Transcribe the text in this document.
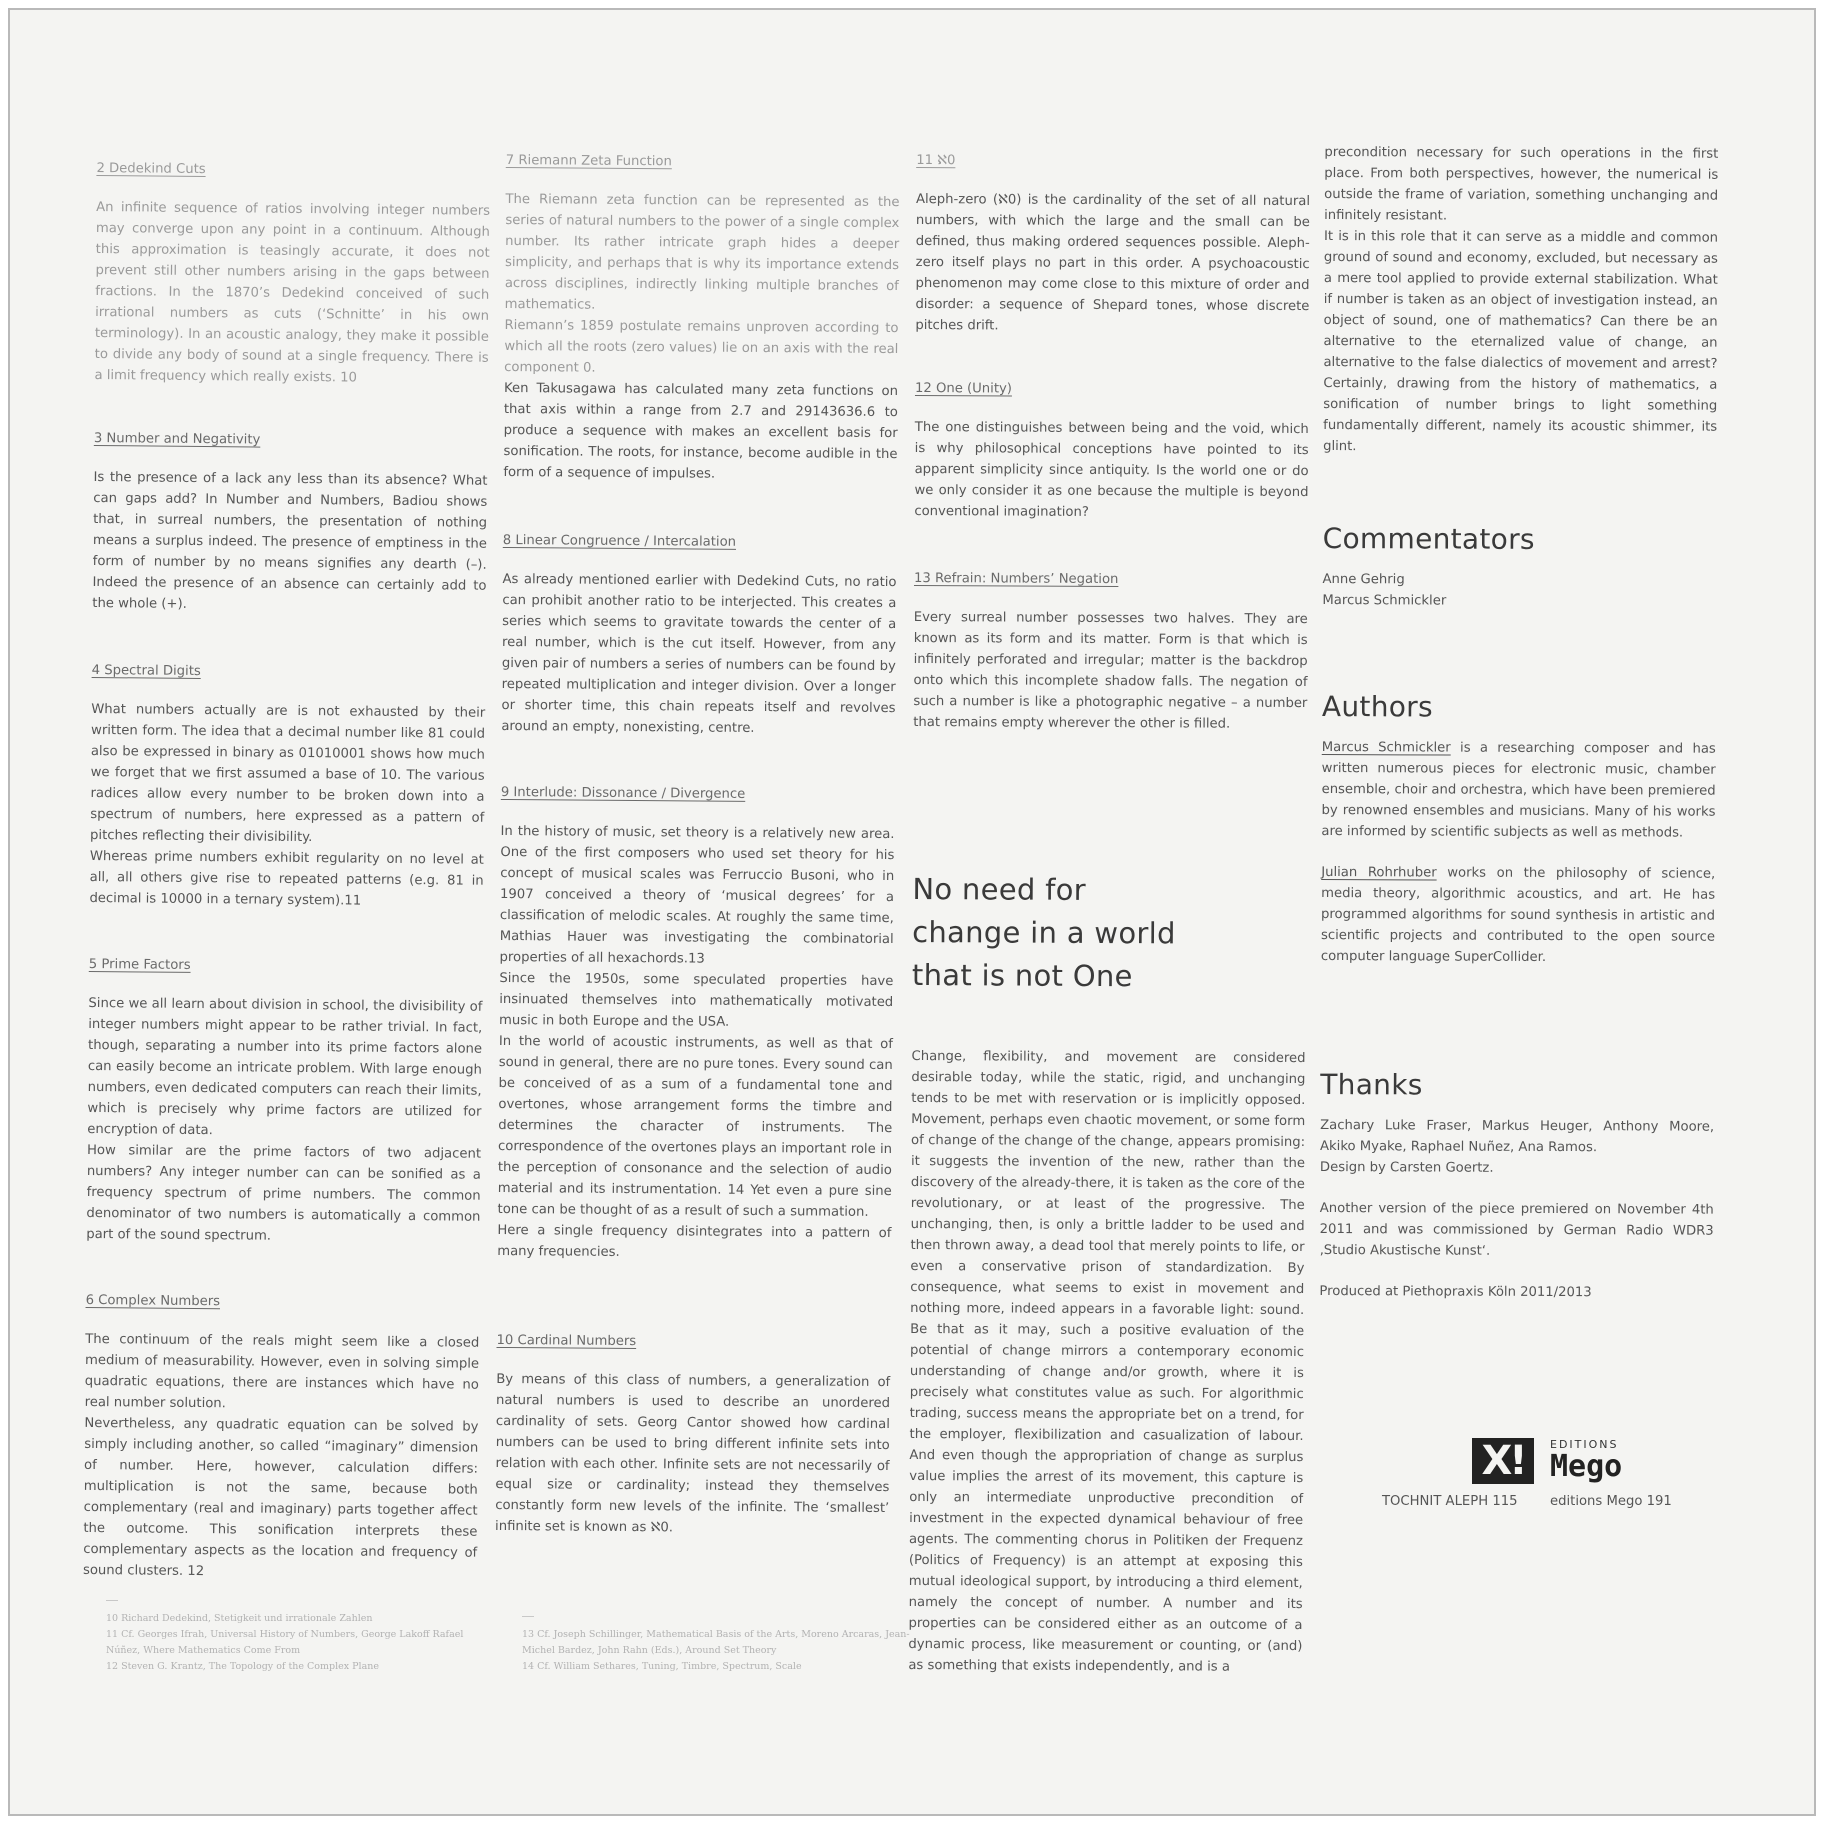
2 Dedekind Cuts

An infinite sequence of ratios involving integer numbers may converge upon any point in a continuum. Although this approximation is teasingly accurate, it does not prevent still other numbers arising in the gaps between fractions. In the 1870’s Dedekind conceived of such irrational numbers as cuts (‘Schnitte’ in his own terminology). In an acoustic analogy, they make it possible to divide any body of sound at a single frequency. There is a limit frequency which really exists. 10

3 Number and Negativity

Is the presence of a lack any less than its absence? What can gaps add? In Number and Numbers, Badiou shows that, in surreal numbers, the presentation of nothing means a surplus indeed. The presence of emptiness in the form of number by no means signifies any dearth (–). Indeed the presence of an absence can certainly add to the whole (+).

4 Spectral Digits

What numbers actually are is not exhausted by their written form. The idea that a decimal number like 81 could also be expressed in binary as 01010001 shows how much we forget that we first assumed a base of 10. The various radices allow every number to be broken down into a spectrum of numbers, here expressed as a pattern of pitches reflecting their divisibility.

Whereas prime numbers exhibit regularity on no level at all, all others give rise to repeated patterns (e.g. 81 in decimal is 10000 in a ternary system).11

5 Prime Factors

Since we all learn about division in school, the divisibility of integer numbers might appear to be rather trivial. In fact, though, separating a number into its prime factors alone can easily become an intricate problem. With large enough numbers, even dedicated computers can reach their limits, which is precisely why prime factors are utilized for encryption of data.

How similar are the prime factors of two adjacent numbers? Any integer number can can be sonified as a frequency spectrum of prime numbers. The common denominator of two numbers is automatically a common part of the sound spectrum.

6 Complex Numbers

The continuum of the reals might seem like a closed medium of measurability. However, even in solving simple quadratic equations, there are instances which have no real number solution.

Nevertheless, any quadratic equation can be solved by simply including another, so called “imaginary” dimension of number. Here, however, calculation differs: multiplication is not the same, because both complementary (real and imaginary) parts together affect the outcome. This sonification interprets these complementary aspects as the location and frequency of sound clusters. 12

10 Richard Dedekind, Stetigkeit und irrationale Zahlen
11 Cf. Georges Ifrah, Universal History of Numbers, George Lakoff Rafael Núñez, Where Mathematics Come From
12 Steven G. Krantz, The Topology of the Complex Plane
7 Riemann Zeta Function

The Riemann zeta function can be represented as the series of natural numbers to the power of a single complex number. Its rather intricate graph hides a deeper simplicity, and perhaps that is why its importance extends across disciplines, indirectly linking multiple branches of mathematics.

Riemann’s 1859 postulate remains unproven according to which all the roots (zero values) lie on an axis with the real component 0.

Ken Takusagawa has calculated many zeta functions on that axis within a range from 2.7 and 29143636.6 to produce a sequence with makes an excellent basis for sonification. The roots, for instance, become audible in the form of a sequence of impulses.

8 Linear Congruence / Intercalation

As already mentioned earlier with Dedekind Cuts, no ratio can prohibit another ratio to be interjected. This creates a series which seems to gravitate towards the center of a real number, which is the cut itself. However, from any given pair of numbers a series of numbers can be found by repeated multiplication and integer division. Over a longer or shorter time, this chain repeats itself and revolves around an empty, nonexisting, centre.

9 Interlude: Dissonance / Divergence

In the history of music, set theory is a relatively new area. One of the first composers who used set theory for his concept of musical scales was Ferruccio Busoni, who in 1907 conceived a theory of ‘musical degrees’ for a classification of melodic scales. At roughly the same time, Mathias Hauer was investigating the combinatorial properties of all hexachords.13

Since the 1950s, some speculated properties have insinuated themselves into mathematically motivated music in both Europe and the USA.

In the world of acoustic instruments, as well as that of sound in general, there are no pure tones. Every sound can be conceived of as a sum of a fundamental tone and overtones, whose arrangement forms the timbre and determines the character of instruments. The correspondence of the overtones plays an important role in the perception of consonance and the selection of audio material and its instrumentation. 14 Yet even a pure sine tone can be thought of as a result of such a summation.

Here a single frequency disintegrates into a pattern of many frequencies.

10 Cardinal Numbers

By means of this class of numbers, a generalization of natural numbers is used to describe an unordered cardinality of sets. Georg Cantor showed how cardinal numbers can be used to bring different infinite sets into relation with each other. Infinite sets are not necessarily of equal size or cardinality; instead they themselves constantly form new levels of the infinite. The ‘smallest’ infinite set is known as ℵ0.

13 Cf. Joseph Schillinger, Mathematical Basis of the Arts, Moreno Arcaras, Jean-Michel Bardez, John Rahn (Eds.), Around Set Theory
14 Cf. William Sethares, Tuning, Timbre, Spectrum, Scale
11 ℵ0

Aleph-zero (ℵ0) is the cardinality of the set of all natural numbers, with which the large and the small can be defined, thus making ordered sequences possible. Aleph-zero itself plays no part in this order. A psychoacoustic phenomenon may come close to this mixture of order and disorder: a sequence of Shepard tones, whose discrete pitches drift.

12 One (Unity)

The one distinguishes between being and the void, which is why philosophical conceptions have pointed to its apparent simplicity since antiquity. Is the world one or do we only consider it as one because the multiple is beyond conventional imagination?

13 Refrain: Numbers’ Negation

Every surreal number possesses two halves. They are known as its form and its matter. Form is that which is infinitely perforated and irregular; matter is the backdrop onto which this incomplete shadow falls. The negation of such a number is like a photographic negative – a number that remains empty wherever the other is filled.

No need for
change in a world
that is not One

Change, flexibility, and movement are considered desirable today, while the static, rigid, and unchanging tends to be met with reservation or is implicitly opposed. Movement, perhaps even chaotic movement, or some form of change of the change of the change, appears promising: it suggests the invention of the new, rather than the discovery of the already-there, it is taken as the core of the revolutionary, or at least of the progressive. The unchanging, then, is only a brittle ladder to be used and then thrown away, a dead tool that merely points to life, or even a conservative prison of standardization. By consequence, what seems to exist in movement and nothing more, indeed appears in a favorable light: sound. Be that as it may, such a positive evaluation of the potential of change mirrors a contemporary economic understanding of change and/or growth, where it is precisely what constitutes value as such. For algorithmic trading, success means the appropriate bet on a trend, for the employer, flexibilization and casualization of labour. And even though the appropriation of change as surplus value implies the arrest of its movement, this capture is only an intermediate unproductive precondition of investment in the expected dynamical behaviour of free agents. The commenting chorus in Politiken der Frequenz (Politics of Frequency) is an attempt at exposing this mutual ideological support, by introducing a third element, namely the concept of number. A number and its properties can be considered either as an outcome of a dynamic process, like measurement or counting, or (and) as something that exists independently, and is a

precondition necessary for such operations in the first place. From both perspectives, however, the numerical is outside the frame of variation, something unchanging and infinitely resistant.

It is in this role that it can serve as a middle and common ground of sound and economy, excluded, but necessary as a mere tool applied to provide external stabilization. What if number is taken as an object of investigation instead, an object of sound, one of mathematics? Can there be an alternative to the eternalized value of change, an alternative to the false dialectics of movement and arrest? Certainly, drawing from the history of mathematics, a sonification of number brings to light something fundamentally different, namely its acoustic shimmer, its glint.

Commentators
Anne Gehrig
Marcus Schmickler
Authors

Marcus Schmickler is a researching composer and has written numerous pieces for electronic music, chamber ensemble, choir and orchestra, which have been premiered by renowned ensembles and musicians. Many of his works are informed by scientific subjects as well as methods.

Julian Rohrhuber works on the philosophy of science, media theory, algorithmic acoustics, and art. He has programmed algorithms for sound synthesis in artistic and scientific projects and contributed to the open source computer language SuperCollider.

Thanks

Zachary Luke Fraser, Markus Heuger, Anthony Moore, Akiko Myake, Raphael Nuñez, Ana Ramos.

Design by Carsten Goertz.

Another version of the piece premiered on November 4th 2011 and was commissioned by German Radio WDR3 ‚Studio Akustische Kunst‘.

Produced at Piethopraxis Köln 2011/2013

X!	EDITIONS
Mego
TOCHNIT ALEPH 115 editions Mego 191
